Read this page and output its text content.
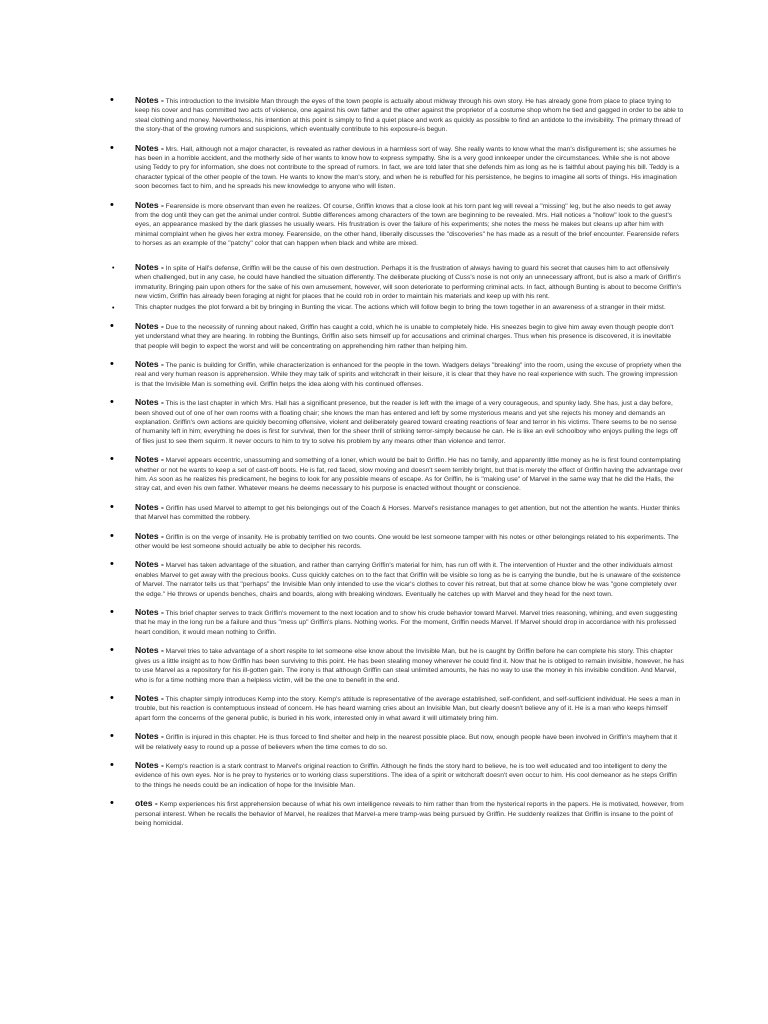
• Notes - This introduction to the Invisible Man through the eyes of the town people is actually about midway through his own story. He has already gone from place to place trying to keep his cover and has committed two acts of violence, one against his own father and the other against the proprietor of a costume shop whom he tied and gagged in order to be able to steal clothing and money. Nevertheless, his intention at this point is simply to find a quiet place and work as quickly as possible to find an antidote to the invisibility. The primary thread of the story-that of the growing rumors and suspicions, which eventually contribute to his exposure-is begun.

• Notes - Mrs. Hall, although not a major character, is revealed as rather devious in a harmless sort of way. She really wants to know what the man's disfigurement is; she assumes he has been in a horrible accident, and the motherly side of her wants to know how to express sympathy. She is a very good innkeeper under the circumstances. While she is not above using Teddy to pry for information, she does not contribute to the spread of rumors. In fact, we are told later that she defends him as long as he is faithful about paying his bill. Teddy is a character typical of the other people of the town. He wants to know the man's story, and when he is rebuffed for his persistence, he begins to imagine all sorts of things. His imagination soon becomes fact to him, and he spreads his new knowledge to anyone who will listen.

• Notes - Fearenside is more observant than even he realizes. Of course, Griffin knows that a close look at his torn pant leg will reveal a "missing" leg, but he also needs to get away from the dog until they can get the animal under control. Subtle differences among characters of the town are beginning to be revealed. Mrs. Hall notices a "hollow" look to the guest's eyes, an appearance masked by the dark glasses he usually wears. His frustration is over the failure of his experiments; she notes the mess he makes but cleans up after him with minimal complaint when he gives her extra money. Fearenside, on the other hand, liberally discusses the "discoveries" he has made as a result of the brief encounter. Fearenside refers to horses as an example of the "patchy" color that can happen when black and white are mixed.

• Notes - In spite of Hall's defense, Griffin will be the cause of his own destruction. Perhaps it is the frustration of always having to guard his secret that causes him to act offensively when challenged, but in any case, he could have handled the situation differently. The deliberate plucking of Cuss's nose is not only an unnecessary affront, but is also a mark of Griffin's immaturity. Bringing pain upon others for the sake of his own amusement, however, will soon deteriorate to performing criminal acts. In fact, although Bunting is about to become Griffin's new victim, Griffin has already been foraging at night for places that he could rob in order to maintain his materials and keep up with his rent.

•	This chapter nudges the plot forward a bit by bringing in Bunting the vicar. The actions which will follow begin to bring the town together in an awareness of a stranger in their midst.

• Notes - Due to the necessity of running about naked, Griffin has caught a cold, which he is unable to completely hide. His sneezes begin to give him away even though people don't yet understand what they are hearing. In robbing the Buntings, Griffin also sets himself up for accusations and criminal charges. Thus when his presence is discovered, it is inevitable that people will begin to expect the worst and will be concentrating on apprehending him rather than helping him.

• Notes - The panic is building for Griffin, while characterization is enhanced for the people in the town. Wadgers delays "breaking" into the room, using the excuse of propriety when the real and very human reason is apprehension. While they may talk of spirits and witchcraft in their leisure, it is clear that they have no real experience with such. The growing impression is that the Invisible Man is something evil. Griffin helps the idea along with his continued offenses.

• Notes - This is the last chapter in which Mrs. Hall has a significant presence, but the reader is left with the image of a very courageous, and spunky lady. She has, just a day before, been shoved out of one of her own rooms with a floating chair; she knows the man has entered and left by some mysterious means and yet she rejects his money and demands an explanation. Griffin's own actions are quickly becoming offensive, violent and deliberately geared toward creating reactions of fear and terror in his victims. There seems to be no sense of humanity left in him; everything he does is first for survival, then for the sheer thrill of striking terror-simply because he can. He is like an evil schoolboy who enjoys pulling the legs off of flies just to see them squirm. It never occurs to him to try to solve his problem by any means other than violence and terror.

• Notes - Marvel appears eccentric, unassuming and something of a loner, which would be bait to Griffin. He has no family, and apparently little money as he is first found contemplating whether or not he wants to keep a set of cast-off boots. He is fat, red faced, slow moving and doesn't seem terribly bright, but that is merely the effect of Griffin having the advantage over him. As soon as he realizes his predicament, he begins to look for any possible means of escape. As for Griffin, he is "making use" of Marvel in the same way that he did the Halls, the stray cat, and even his own father. Whatever means he deems necessary to his purpose is enacted without thought or conscience.

• Notes - Griffin has used Marvel to attempt to get his belongings out of the Coach & Horses. Marvel's resistance manages to get attention, but not the attention he wants. Huxter thinks that Marvel has committed the robbery.

• Notes - Griffin is on the verge of insanity. He is probably terrified on two counts. One would be lest someone tamper with his notes or other belongings related to his experiments. The other would be lest someone should actually be able to decipher his records.

• Notes - Marvel has taken advantage of the situation, and rather than carrying Griffin's material for him, has run off with it. The intervention of Huxter and the other individuals almost enables Marvel to get away with the precious books. Cuss quickly catches on to the fact that Griffin will be visible so long as he is carrying the bundle, but he is unaware of the existence of Marvel. The narrator tells us that "perhaps" the Invisible Man only intended to use the vicar's clothes to cover his retreat, but that at some chance blow he was "gone completely over the edge." He throws or upends benches, chairs and boards, along with breaking windows. Eventually he catches up with Marvel and they head for the next town.

• Notes - This brief chapter serves to track Griffin's movement to the next location and to show his crude behavior toward Marvel. Marvel tries reasoning, whining, and even suggesting that he may in the long run be a failure and thus "mess up" Griffin's plans. Nothing works. For the moment, Griffin needs Marvel. If Marvel should drop in accordance with his professed heart condition, it would mean nothing to Griffin.

• Notes - Marvel tries to take advantage of a short respite to let someone else know about the Invisible Man, but he is caught by Griffin before he can complete his story. This chapter gives us a little insight as to how Griffin has been surviving to this point. He has been stealing money wherever he could find it. Now that he is obliged to remain invisible, however, he has to use Marvel as a repository for his ill-gotten gain. The irony is that although Griffin can steal unlimited amounts, he has no way to use the money in his invisible condition. And Marvel, who is for a time nothing more than a helpless victim, will be the one to benefit in the end.

• Notes - This chapter simply introduces Kemp into the story. Kemp's attitude is representative of the average established, self-confident, and self-sufficient individual. He sees a man in trouble, but his reaction is contemptuous instead of concern. He has heard warning cries about an Invisible Man, but clearly doesn't believe any of it. He is a man who keeps himself apart form the concerns of the general public, is buried in his work, interested only in what award it will ultimately bring him.

• Notes - Griffin is injured in this chapter. He is thus forced to find shelter and help in the nearest possible place. But now, enough people have been involved in Griffin's mayhem that it will be relatively easy to round up a posse of believers when the time comes to do so.

• Notes - Kemp's reaction is a stark contrast to Marvel's original reaction to Griffin. Although he finds the story hard to believe, he is too well educated and too intelligent to deny the evidence of his own eyes. Nor is he prey to hysterics or to working class superstitions. The idea of a spirit or witchcraft doesn't even occur to him. His cool demeanor as he steps Griffin to the things he needs could be an indication of hope for the Invisible Man.

• otes - Kemp experiences his first apprehension because of what his own intelligence reveals to him rather than from the hysterical reports in the papers. He is motivated, however, from personal interest. When he recalls the behavior of Marvel, he realizes that Marvel-a mere tramp-was being pursued by Griffin. He suddenly realizes that Griffin is insane to the point of being homicidal.
